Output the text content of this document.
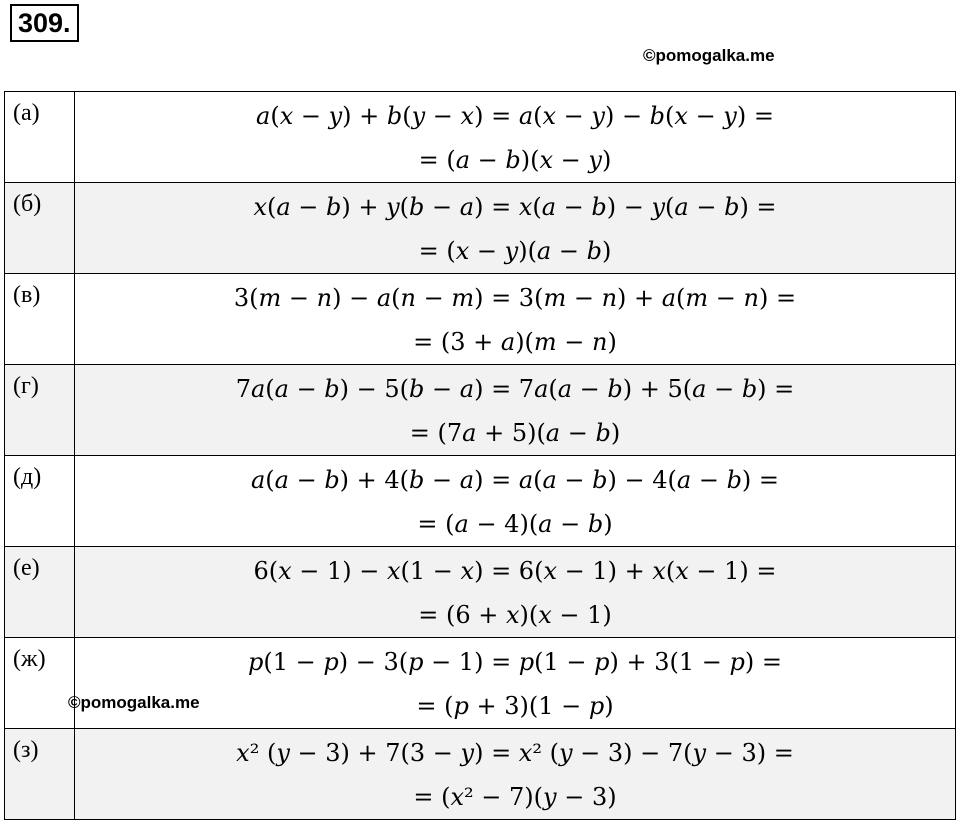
309.
©pomogalka.me
(а)	𝑎(𝑥 − 𝑦) + 𝑏(𝑦 − 𝑥) = 𝑎(𝑥 − 𝑦) − 𝑏(𝑥 − 𝑦) =
= (𝑎 − 𝑏)(𝑥 − 𝑦)

(б)	𝑥(𝑎 − 𝑏) + 𝑦(𝑏 − 𝑎) = 𝑥(𝑎 − 𝑏) − 𝑦(𝑎 − 𝑏) =
= (𝑥 − 𝑦)(𝑎 − 𝑏)

(в)	3(𝑚 − 𝑛) − 𝑎(𝑛 − 𝑚) = 3(𝑚 − 𝑛) + 𝑎(𝑚 − 𝑛) =
= (3 + 𝑎)(𝑚 − 𝑛)

(г)	7𝑎(𝑎 − 𝑏) − 5(𝑏 − 𝑎) = 7𝑎(𝑎 − 𝑏) + 5(𝑎 − 𝑏) =
= (7𝑎 + 5)(𝑎 − 𝑏)

(д)	𝑎(𝑎 − 𝑏) + 4(𝑏 − 𝑎) = 𝑎(𝑎 − 𝑏) − 4(𝑎 − 𝑏) =
= (𝑎 − 4)(𝑎 − 𝑏)

(е)	6(𝑥 − 1) − 𝑥(1 − 𝑥) = 6(𝑥 − 1) + 𝑥(𝑥 − 1) =
= (6 + 𝑥)(𝑥 − 1)

(ж)	𝑝(1 − 𝑝) − 3(𝑝 − 1) = 𝑝(1 − 𝑝) + 3(1 − 𝑝) =
= (𝑝 + 3)(1 − 𝑝)

(з)	𝑥² (𝑦 − 3) + 7(3 − 𝑦) = 𝑥² (𝑦 − 3) − 7(𝑦 − 3) =
= (𝑥² − 7)(𝑦 − 3)
©pomogalka.me
